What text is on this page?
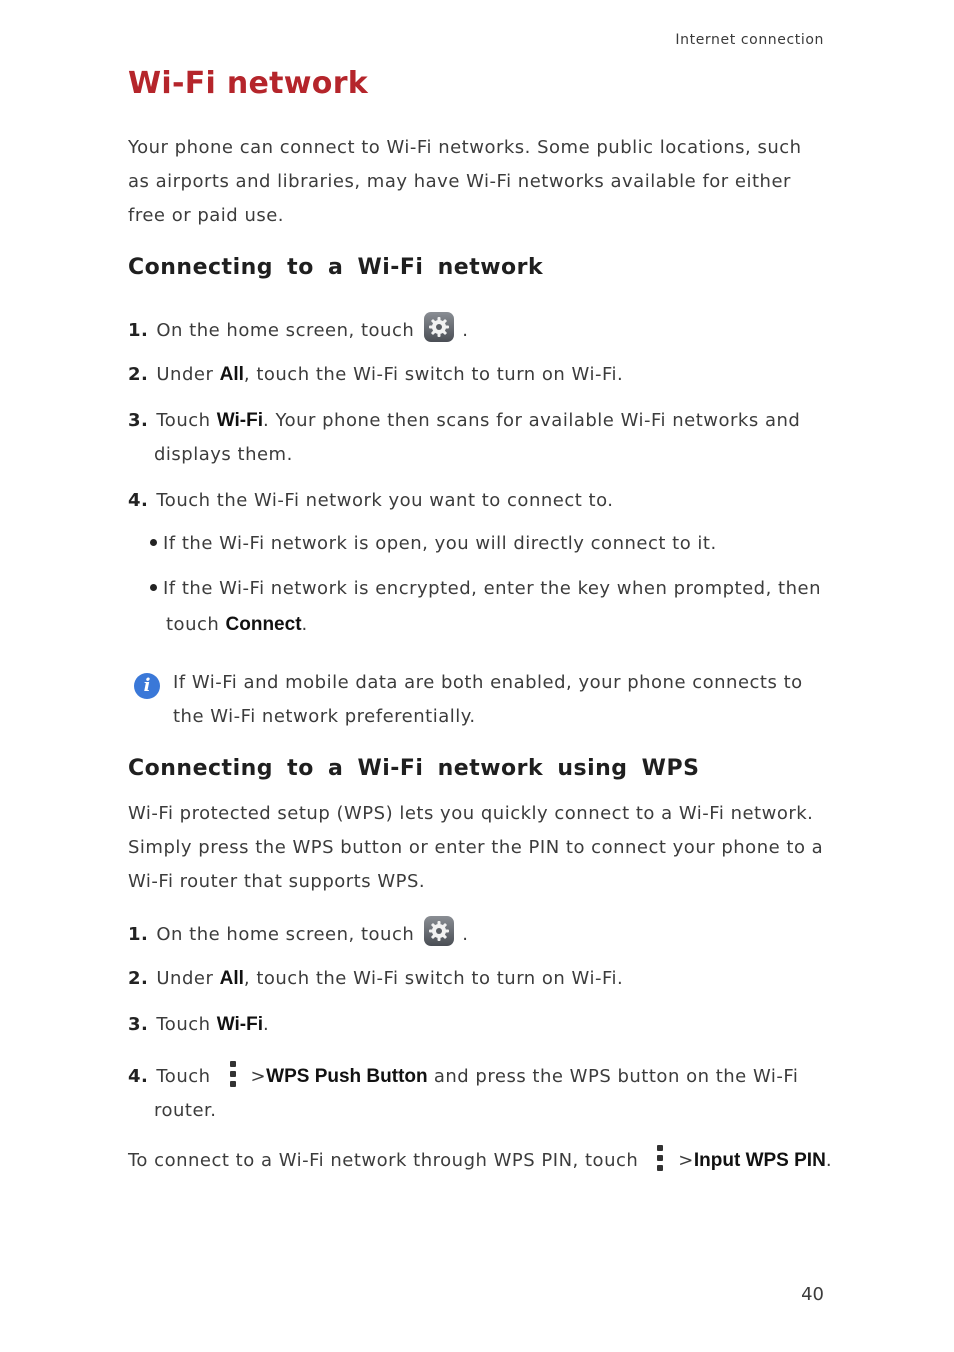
Internet connection
Wi-Fi network
Your phone can connect to Wi-Fi networks. Some public locations, such as airports and libraries, may have Wi-Fi networks available for either free or paid use.
Connecting to a Wi-Fi network
1. On the home screen, touch	.
2. Under All, touch the Wi-Fi switch to turn on Wi-Fi.
3. Touch Wi-Fi. Your phone then scans for available Wi-Fi networks and
displays them.
4. Touch the Wi-Fi network you want to connect to.
If the Wi-Fi network is open, you will directly connect to it.
If the Wi-Fi network is encrypted, enter the key when prompted, then
touch Connect.
i	If Wi-Fi and mobile data are both enabled, your phone connects to the Wi-Fi network preferentially.
Connecting to a Wi-Fi network using WPS
Wi-Fi protected setup (WPS) lets you quickly connect to a Wi-Fi network. Simply press the WPS button or enter the PIN to connect your phone to a Wi-Fi router that supports WPS.
1. On the home screen, touch	.
2. Under All, touch the Wi-Fi switch to turn on Wi-Fi.
3. Touch Wi-Fi.
4. Touch >WPS Push Button and press the WPS button on the Wi-Fi
router.
To connect to a Wi-Fi network through WPS PIN, touch >Input WPS PIN.
40
